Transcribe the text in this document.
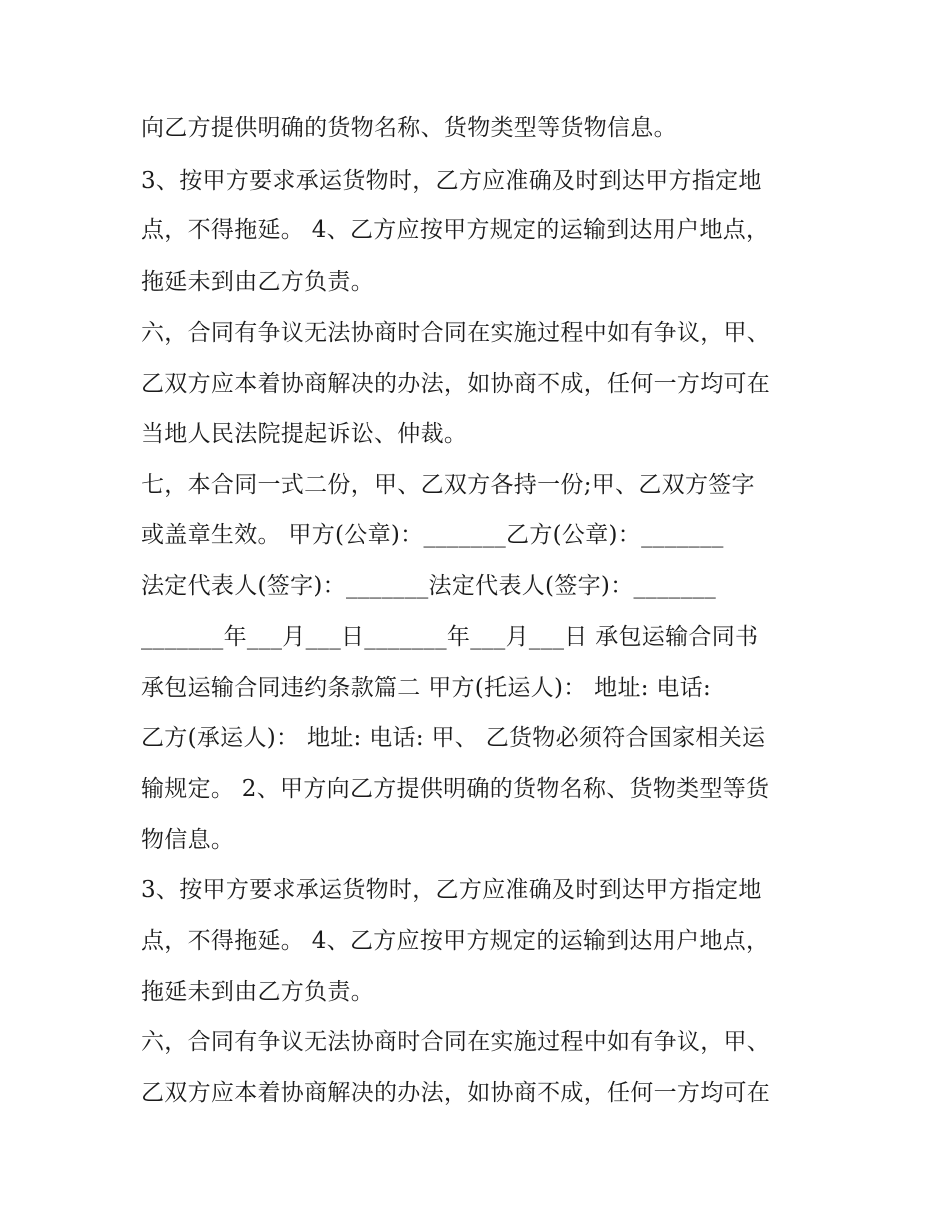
向乙方提供明确的货物名称、货物类型等货物信息。
3、按甲方要求承运货物时，乙方应准确及时到达甲方指定地
点，不得拖延。 4、乙方应按甲方规定的运输到达用户地点，
拖延未到由乙方负责。
六，合同有争议无法协商时合同在实施过程中如有争议，甲、
乙双方应本着协商解决的办法，如协商不成，任何一方均可在
当地人民法院提起诉讼、仲裁。
七，本合同一式二份，甲、乙双方各持一份;甲、乙双方签字
或盖章生效。 甲方(公章)：_______乙方(公章)：_______
法定代表人(签字)：_______法定代表人(签字)：_______
_______年___月___日_______年___月___日 承包运输合同书
承包运输合同违约条款篇二 甲方(托运人)： 地址: 电话:
乙方(承运人)： 地址: 电话: 甲、 乙货物必须符合国家相关运
输规定。 2、甲方向乙方提供明确的货物名称、货物类型等货
物信息。
3、按甲方要求承运货物时，乙方应准确及时到达甲方指定地
点，不得拖延。 4、乙方应按甲方规定的运输到达用户地点，
拖延未到由乙方负责。
六，合同有争议无法协商时合同在实施过程中如有争议，甲、
乙双方应本着协商解决的办法，如协商不成，任何一方均可在
